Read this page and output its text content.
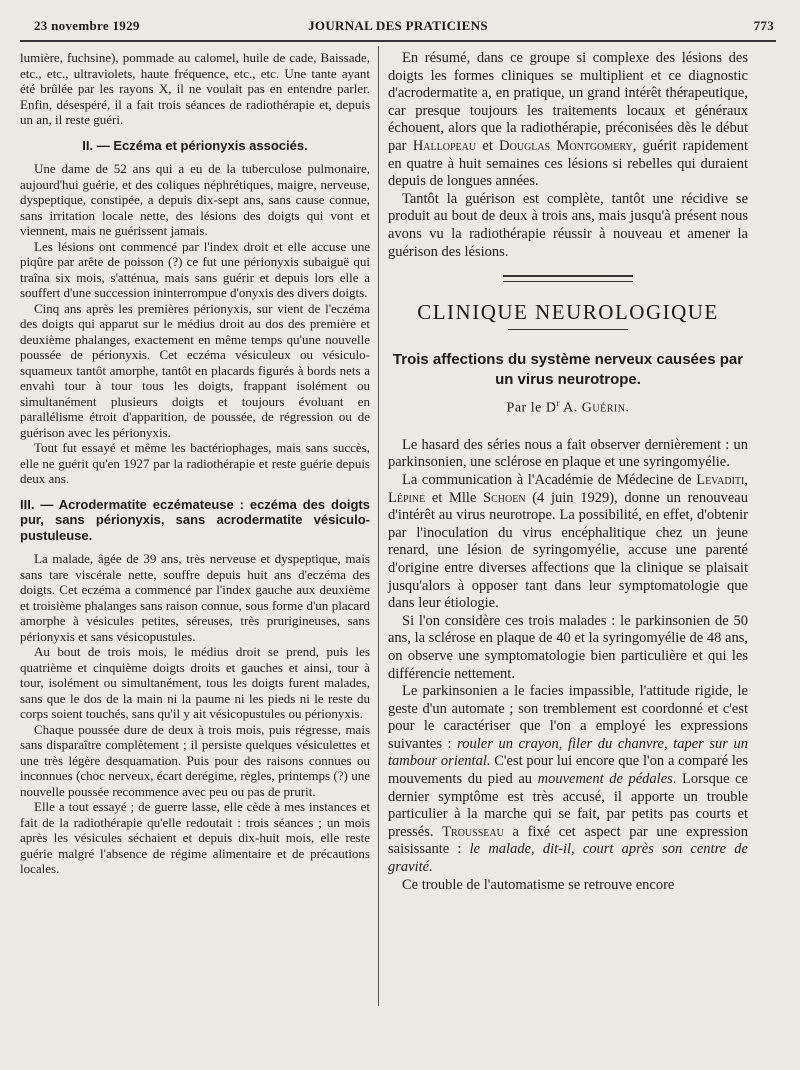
23 novembre 1929	JOURNAL DES PRATICIENS	773

lumière, fuchsine), pommade au calomel, huile de cade, Baissade, etc., etc., ultraviolets, haute fréquence, etc., etc. Une tante ayant été brûlée par les rayons X, il ne voulait pas en entendre parler. Enfin, désespéré, il a fait trois séances de radiothérapie et, depuis un an, il reste guéri.

II. — Eczéma et périonyxis associés.

Une dame de 52 ans qui a eu de la tuberculose pulmonaire, aujourd'hui guérie, et des coliques néphrétiques, maigre, nerveuse, dyspeptique, constipée, a depuis dix-sept ans, sans cause connue, sans irritation locale nette, des lésions des doigts qui vont et viennent, mais ne guérissent jamais.

Les lésions ont commencé par l'index droit et elle accuse une piqûre par arête de poisson (?) ce fut une périonyxis subaiguë qui traîna six mois, s'atténua, mais sans guérir et depuis lors elle a souffert d'une succession ininterrompue d'onyxis des divers doigts.

Cinq ans après les premières périonyxis, sur vient de l'eczéma des doigts qui apparut sur le médius droit au dos des première et deuxième phalanges, exactement en même temps qu'une nouvelle poussée de périonyxis. Cet eczéma vésiculeux ou vésiculo-squameux tantôt amorphe, tantôt en placards figurés à bords nets a envahi tour à tour tous les doigts, frappant isolément ou simultanément plusieurs doigts et toujours évoluant en parallélisme étroit d'apparition, de poussée, de régression ou de guérison avec les périonyxis.

Tout fut essayé et même les bactériophages, mais sans succès, elle ne guérit qu'en 1927 par la radiothérapie et reste guérie depuis deux ans.

III. — Acrodermatite eczémateuse : eczéma des doigts pur, sans périonyxis, sans acrodermatite vésiculo-pustuleuse.

La malade, âgée de 39 ans, très nerveuse et dyspeptique, mais sans tare viscérale nette, souffre depuis huit ans d'eczéma des doigts. Cet eczéma a commencé par l'index gauche aux deuxième et troisième phalanges sans raison connue, sous forme d'un placard amorphe à vésicules petites, séreuses, très prurigineuses, sans périonyxis et sans vésicopustules.

Au bout de trois mois, le médius droit se prend, puis les quatrième et cinquième doigts droits et gauches et ainsi, tour à tour, isolément ou simultanément, tous les doigts furent malades, sans que le dos de la main ni la paume ni les pieds ni le reste du corps soient touchés, sans qu'il y ait vésicopustules ou périonyxis.

Chaque poussée dure de deux à trois mois, puis régresse, mais sans disparaître complètement ; il persiste quelques vésiculettes et une très légère desquamation. Puis pour des raisons connues ou inconnues (choc nerveux, écart derégime, règles, printemps (?) une nouvelle poussée recommence avec peu ou pas de prurit.

Elle a tout essayé ; de guerre lasse, elle cède à mes instances et fait de la radiothérapie qu'elle redoutait : trois séances ; un mois après les vésicules séchaient et depuis dix-huit mois, elle reste guérie malgré l'absence de régime alimentaire et de précautions locales.

En résumé, dans ce groupe si complexe des lésions des doigts les formes cliniques se multiplient et ce diagnostic d'acrodermatite a, en pratique, un grand intérêt thérapeutique, car presque toujours les traitements locaux et généraux échouent, alors que la radiothérapie, préconisées dès le début par Hallopeau et Douglas Montgomery, guérit rapidement en quatre à huit semaines ces lésions si rebelles qui duraient depuis de longues années.

Tantôt la guérison est complète, tantôt une récidive se produit au bout de deux à trois ans, mais jusqu'à présent nous avons vu la radiothérapie réussir à nouveau et amener la guérison des lésions.

CLINIQUE NEUROLOGIQUE
Trois affections du système nerveux causées par un virus neurotrope.
Par le $D^r$ A. Guérin.

Le hasard des séries nous a fait observer dernièrement : un parkinsonien, une sclérose en plaque et une syringomyélie.

La communication à l'Académie de Médecine de Levaditi, Lépine et Mlle Schoen (4 juin 1929), donne un renouveau d'intérêt au virus neurotrope. La possibilité, en effet, d'obtenir par l'inoculation du virus encéphalitique chez un jeune renard, une lésion de syringomyélie, accuse une parenté d'origine entre diverses affections que la clinique se plaisait jusqu'alors à opposer tant dans leur symptomatologie que dans leur étiologie.

Si l'on considère ces trois malades : le parkinsonien de 50 ans, la sclérose en plaque de 40 et la syringomyélie de 48 ans, on observe une symptomatologie bien particulière et qui les différencie nettement.

Le parkinsonien a le facies impassible, l'attitude rigide, le geste d'un automate ; son tremblement est coordonné et c'est pour le caractériser que l'on a employé les expressions suivantes : rouler un crayon, filer du chanvre, taper sur un tambour oriental. C'est pour lui encore que l'on a comparé les mouvements du pied au mouvement de pédales. Lorsque ce dernier symptôme est très accusé, il apporte un trouble particulier à la marche qui se fait, par petits pas courts et pressés. Trousseau a fixé cet aspect par une expression saisissante : le malade, dit-il, court après son centre de gravité.

Ce trouble de l'automatisme se retrouve encore
